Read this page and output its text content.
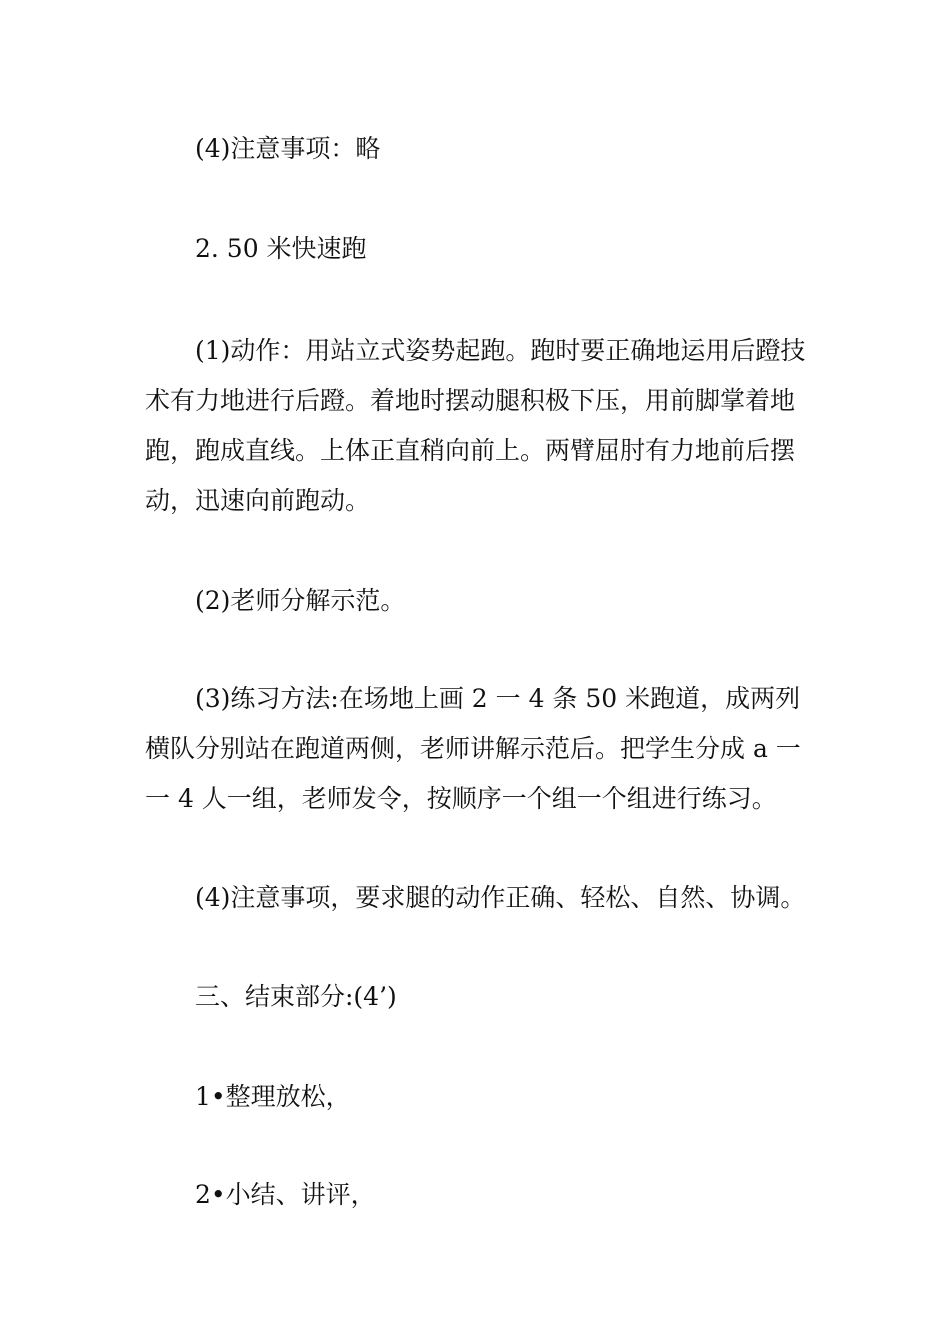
(4)注意事项：略

2. 50 米快速跑

(1)动作：用站立式姿势起跑。跑时要正确地运用后蹬技术有力地进行后蹬。着地时摆动腿积极下压，用前脚掌着地跑，跑成直线。上体正直稍向前上。两臂屈肘有力地前后摆动，迅速向前跑动。

(2)老师分解示范。

(3)练习方法:在场地上画 2 一 4 条 50 米跑道，成两列横队分别站在跑道两侧，老师讲解示范后。把学生分成 a 一一 4 人一组，老师发令，按顺序一个组一个组进行练习。

(4)注意事项，要求腿的动作正确、轻松、自然、协调。

三、结束部分:(4’)

1•整理放松，

2•小结、讲评，
